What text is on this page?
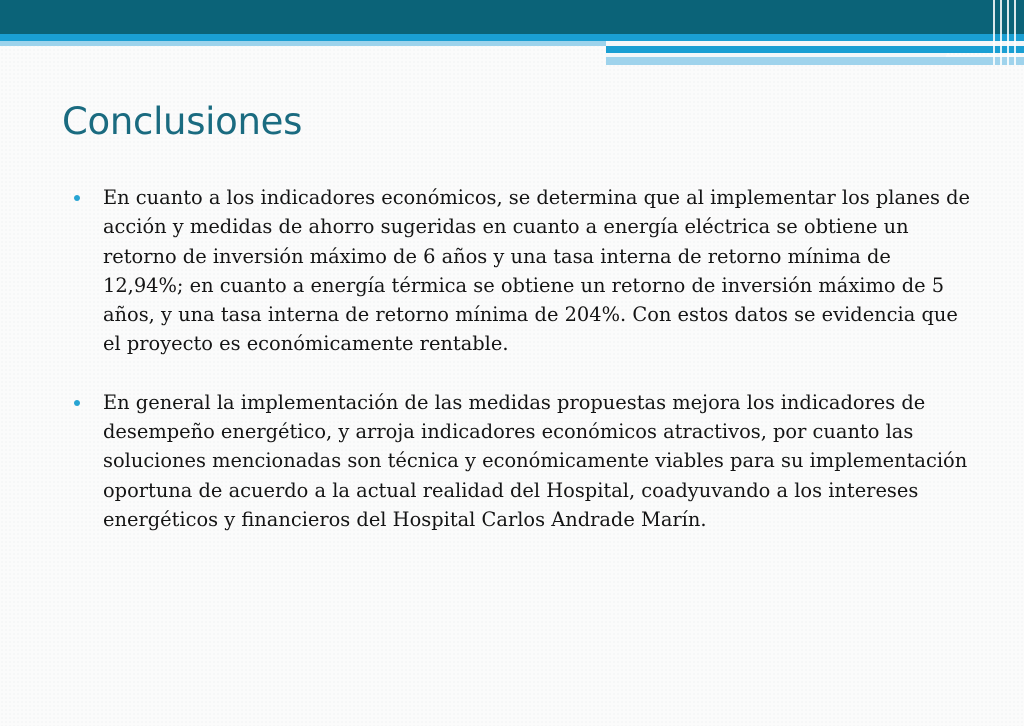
Conclusiones
En cuanto a los indicadores económicos, se determina que al implementar los planes de acción y medidas de ahorro sugeridas en cuanto a energía eléctrica se obtiene un retorno de inversión máximo de 6 años y una tasa interna de retorno mínima de 12,94%; en cuanto a energía térmica se obtiene un retorno de inversión máximo de 5 años, y una tasa interna de retorno mínima de 204%. Con estos datos se evidencia que el proyecto es económicamente rentable.
En general la implementación de las medidas propuestas mejora los indicadores de desempeño energético, y arroja indicadores económicos atractivos, por cuanto las soluciones mencionadas son técnica y económicamente viables para su implementación oportuna de acuerdo a la actual realidad del Hospital, coadyuvando a los intereses energéticos y financieros del Hospital Carlos Andrade Marín.
